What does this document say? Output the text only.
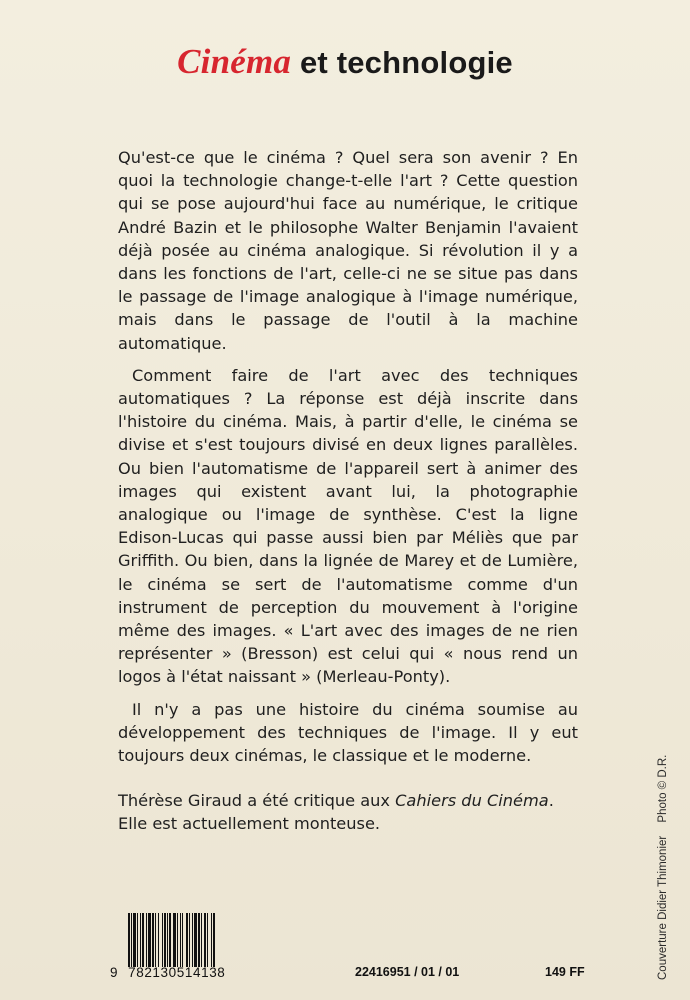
Cinéma et technologie

Qu'est-ce que le cinéma ? Quel sera son avenir ? En quoi la technologie change-t-elle l'art ? Cette question qui se pose aujourd'hui face au numérique, le critique André Bazin et le philosophe Walter Benjamin l'avaient déjà posée au cinéma analogique. Si révolution il y a dans les fonctions de l'art, celle-ci ne se situe pas dans le passage de l'image analogique à l'image numérique, mais dans le passage de l'outil à la machine automatique.

Comment faire de l'art avec des techniques automatiques ? La réponse est déjà inscrite dans l'histoire du cinéma. Mais, à partir d'elle, le cinéma se divise et s'est toujours divisé en deux lignes parallèles. Ou bien l'automatisme de l'appareil sert à animer des images qui existent avant lui, la photographie analogique ou l'image de synthèse. C'est la ligne Edison-Lucas qui passe aussi bien par Méliès que par Griffith. Ou bien, dans la lignée de Marey et de Lumière, le cinéma se sert de l'automatisme comme d'un instrument de perception du mouvement à l'origine même des images. « L'art avec des images de ne rien représenter » (Bresson) est celui qui « nous rend un logos à l'état naissant » (Merleau-Ponty).

Il n'y a pas une histoire du cinéma soumise au développement des techniques de l'image. Il y eut toujours deux cinémas, le classique et le moderne.

Thérèse Giraud a été critique aux Cahiers du Cinéma. Elle est actuellement monteuse.

Couverture Didier Thimonier Photo © D.R.
9 782130514138	22416951 / 01 / 01	149 FF
